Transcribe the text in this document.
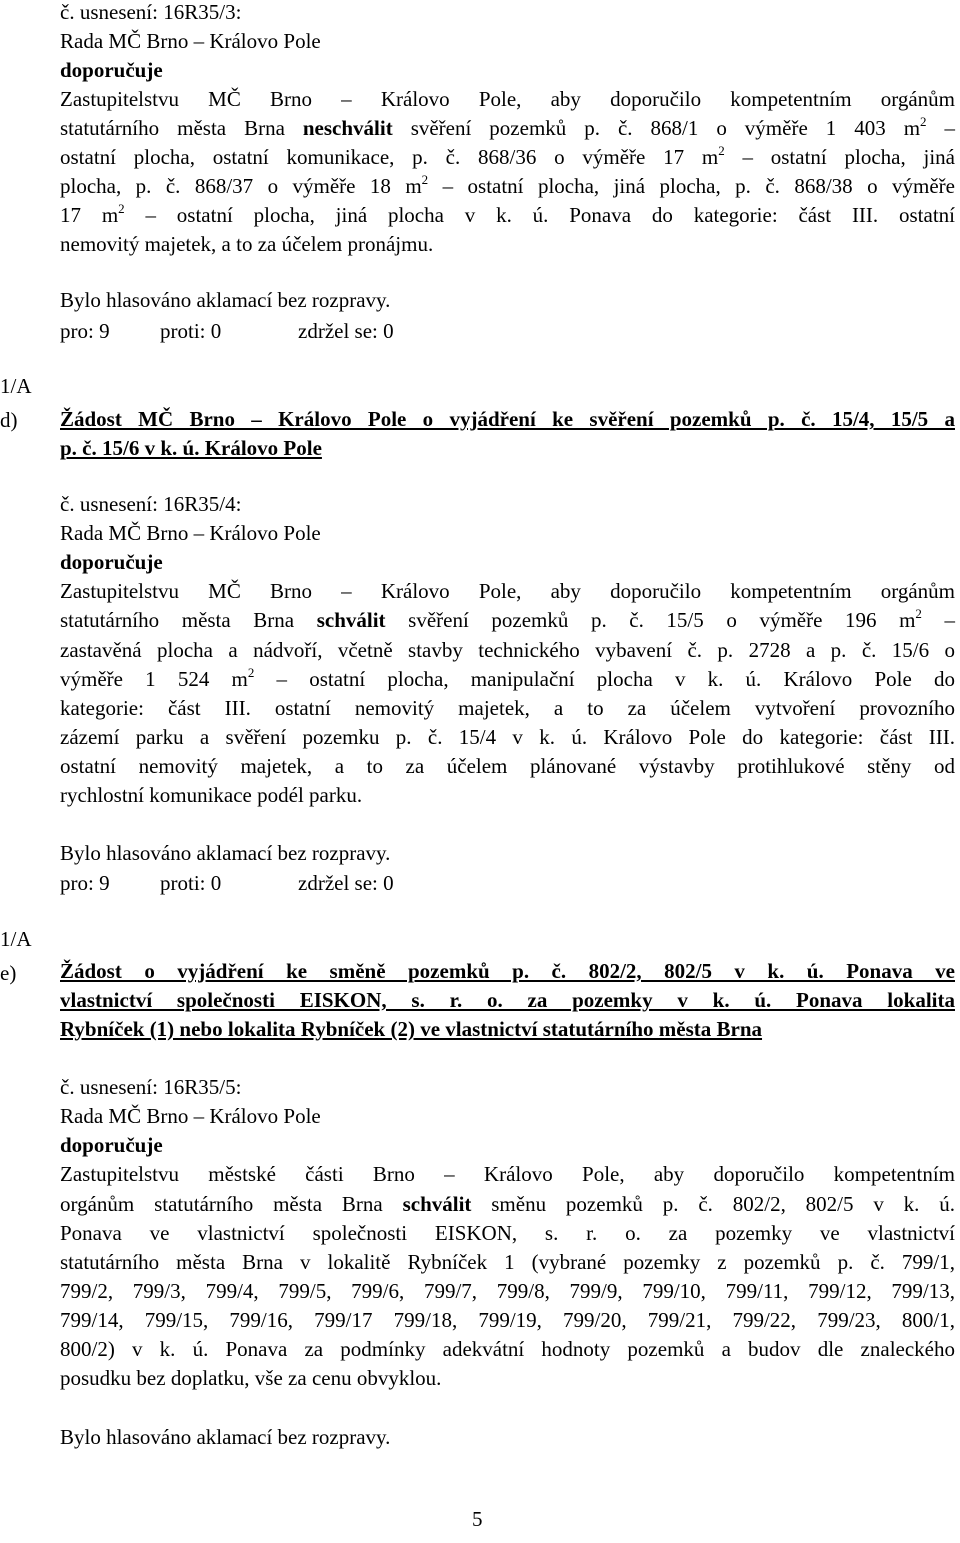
č. usnesení: 16R35/3:
Rada MČ Brno – Královo Pole
doporučuje
Zastupitelstvu MČ Brno – Královo Pole, aby doporučilo kompetentním orgánům
statutárního města Brna neschválit svěření pozemků p. č. 868/1 o výměře 1 403 $m^2$ –
ostatní plocha, ostatní komunikace, p. č. 868/36 o výměře 17 $m^2$ – ostatní plocha, jiná
plocha, p. č. 868/37 o výměře 18 $m^2$ – ostatní plocha, jiná plocha, p. č. 868/38 o výměře
17 $m^2$ – ostatní plocha, jiná plocha v k. ú. Ponava do kategorie: část III. ostatní
nemovitý majetek, a to za účelem pronájmu.
Bylo hlasováno aklamací bez rozpravy.
pro: 9 proti: 0	zdržel se: 0
1/A
d) Žádost MČ Brno – Královo Pole o vyjádření ke svěření pozemků p. č. 15/4, 15/5 a
p. č. 15/6 v k. ú. Královo Pole
č. usnesení: 16R35/4:
Rada MČ Brno – Královo Pole
doporučuje
Zastupitelstvu MČ Brno – Královo Pole, aby doporučilo kompetentním orgánům
statutárního města Brna schválit svěření pozemků p. č. 15/5 o výměře 196 $m^2$ –
zastavěná plocha a nádvoří, včetně stavby technického vybavení č. p. 2728 a p. č. 15/6 o
výměře 1 524 $m^2$ – ostatní plocha, manipulační plocha v k. ú. Královo Pole do
kategorie: část III. ostatní nemovitý majetek, a to za účelem vytvoření provozního
zázemí parku a svěření pozemku p. č. 15/4 v k. ú. Královo Pole do kategorie: část III.
ostatní nemovitý majetek, a to za účelem plánované výstavby protihlukové stěny od
rychlostní komunikace podél parku.
Bylo hlasováno aklamací bez rozpravy.
pro: 9 proti: 0	zdržel se: 0
1/A
e) Žádost o vyjádření ke směně pozemků p. č. 802/2, 802/5 v k. ú. Ponava ve
vlastnictví společnosti EISKON, s. r. o. za pozemky v k. ú. Ponava lokalita
Rybníček (1) nebo lokalita Rybníček (2) ve vlastnictví statutárního města Brna
č. usnesení: 16R35/5:
Rada MČ Brno – Královo Pole
doporučuje
Zastupitelstvu městské části Brno – Královo Pole, aby doporučilo kompetentním
orgánům statutárního města Brna schválit směnu pozemků p. č. 802/2, 802/5 v k. ú.
Ponava ve vlastnictví společnosti EISKON, s. r. o. za pozemky ve vlastnictví
statutárního města Brna v lokalitě Rybníček 1 (vybrané pozemky z pozemků p. č. 799/1,
799/2, 799/3, 799/4, 799/5, 799/6, 799/7, 799/8, 799/9, 799/10, 799/11, 799/12, 799/13,
799/14, 799/15, 799/16, 799/17 799/18, 799/19, 799/20, 799/21, 799/22, 799/23, 800/1,
800/2) v k. ú. Ponava za podmínky adekvátní hodnoty pozemků a budov dle znaleckého
posudku bez doplatku, vše za cenu obvyklou.
Bylo hlasováno aklamací bez rozpravy.
5
